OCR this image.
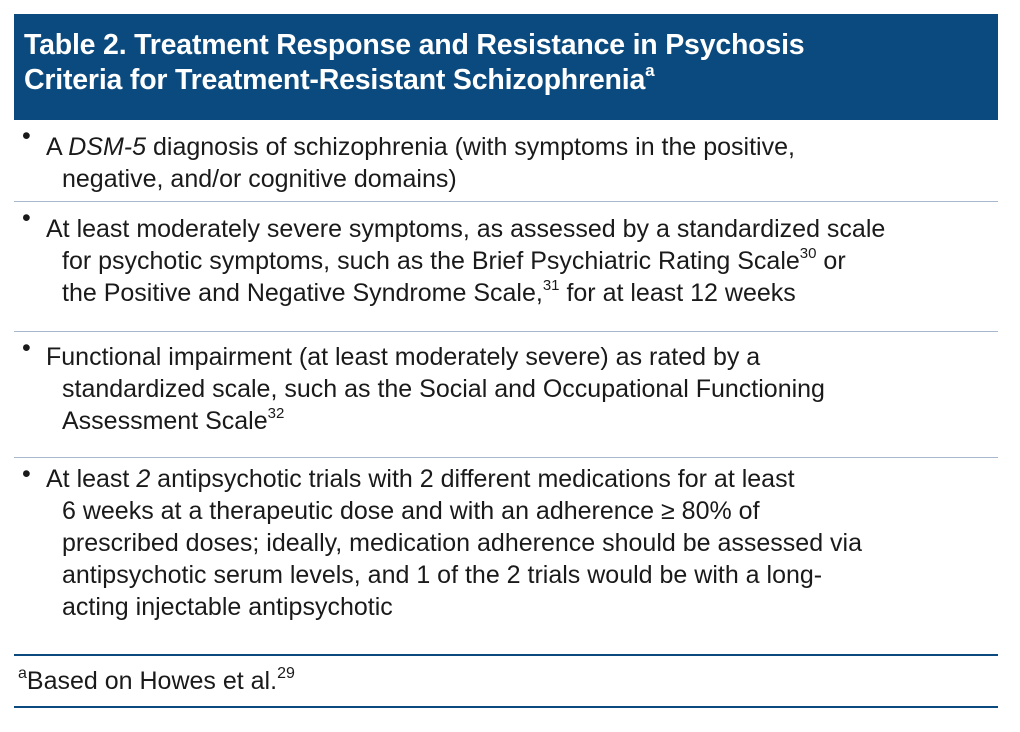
Table 2. Treatment Response and Resistance in Psychosis
Criteria for Treatment-Resistant Schizophrenia$^a$
• A DSM-5 diagnosis of schizophrenia (with symptoms in the positive,
negative, and/or cognitive domains)
• At least moderately severe symptoms, as assessed by a standardized scale
for psychotic symptoms, such as the Brief Psychiatric Rating Scale$^{30}$ or
the Positive and Negative Syndrome Scale,$^{31}$ for at least 12 weeks
• Functional impairment (at least moderately severe) as rated by a
standardized scale, such as the Social and Occupational Functioning
Assessment Scale$^{32}$
• At least 2 antipsychotic trials with 2 different medications for at least
6 weeks at a therapeutic dose and with an adherence ≥ 80% of
prescribed doses; ideally, medication adherence should be assessed via
antipsychotic serum levels, and 1 of the 2 trials would be with a long-
acting injectable antipsychotic
$^a$Based on Howes et al.$^{29}$
